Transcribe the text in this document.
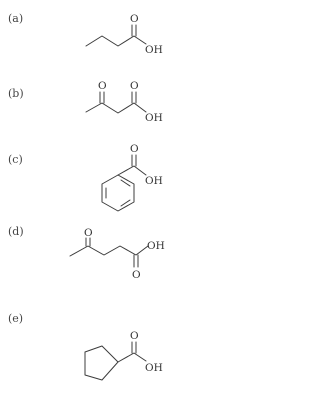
(a)	O
OH
(b)
O O
OH
(c)
O
OH
(d)	O
OH
O
(e)
O
OH
